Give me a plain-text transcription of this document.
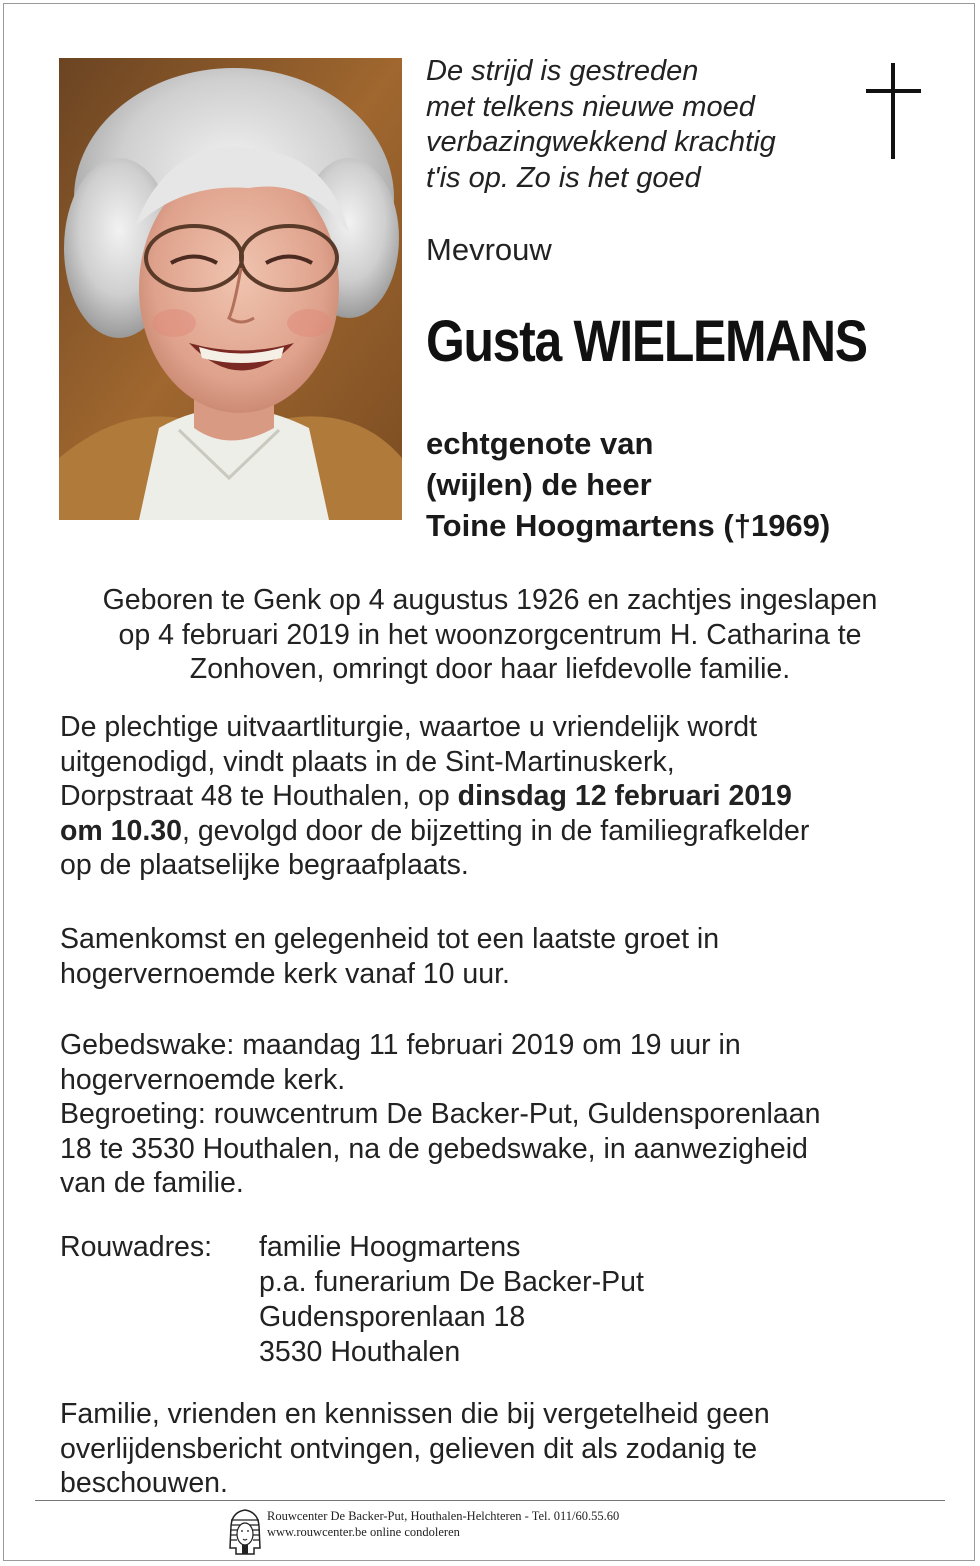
De strijd is gestreden
met telkens nieuwe moed
verbazingwekkend krachtig
t'is op. Zo is het goed
Mevrouw
Gusta WIELEMANS
echtgenote van
(wijlen) de heer
Toine Hoogmartens (†1969)
Geboren te Genk op 4 augustus 1926 en zachtjes ingeslapen
op 4 februari 2019 in het woonzorgcentrum H. Catharina te
Zonhoven, omringt door haar liefdevolle familie.
De plechtige uitvaartliturgie, waartoe u vriendelijk wordt
uitgenodigd, vindt plaats in de Sint-Martinuskerk,
Dorpstraat 48 te Houthalen, op dinsdag 12 februari 2019
om 10.30, gevolgd door de bijzetting in de familiegrafkelder
op de plaatselijke begraafplaats.
Samenkomst en gelegenheid tot een laatste groet in
hogervernoemde kerk vanaf 10 uur.
Gebedswake: maandag 11 februari 2019 om 19 uur in
hogervernoemde kerk.
Begroeting: rouwcentrum De Backer-Put, Guldensporenlaan
18 te 3530 Houthalen, na de gebedswake, in aanwezigheid
van de familie.
Rouwadres: familie Hoogmartens
p.a. funerarium De Backer-Put
Gudensporenlaan 18
3530 Houthalen
Familie, vrienden en kennissen die bij vergetelheid geen
overlijdensbericht ontvingen, gelieven dit als zodanig te
beschouwen.
Rouwcenter De Backer-Put, Houthalen-Helchteren - Tel. 011/60.55.60
www.rouwcenter.be online condoleren
